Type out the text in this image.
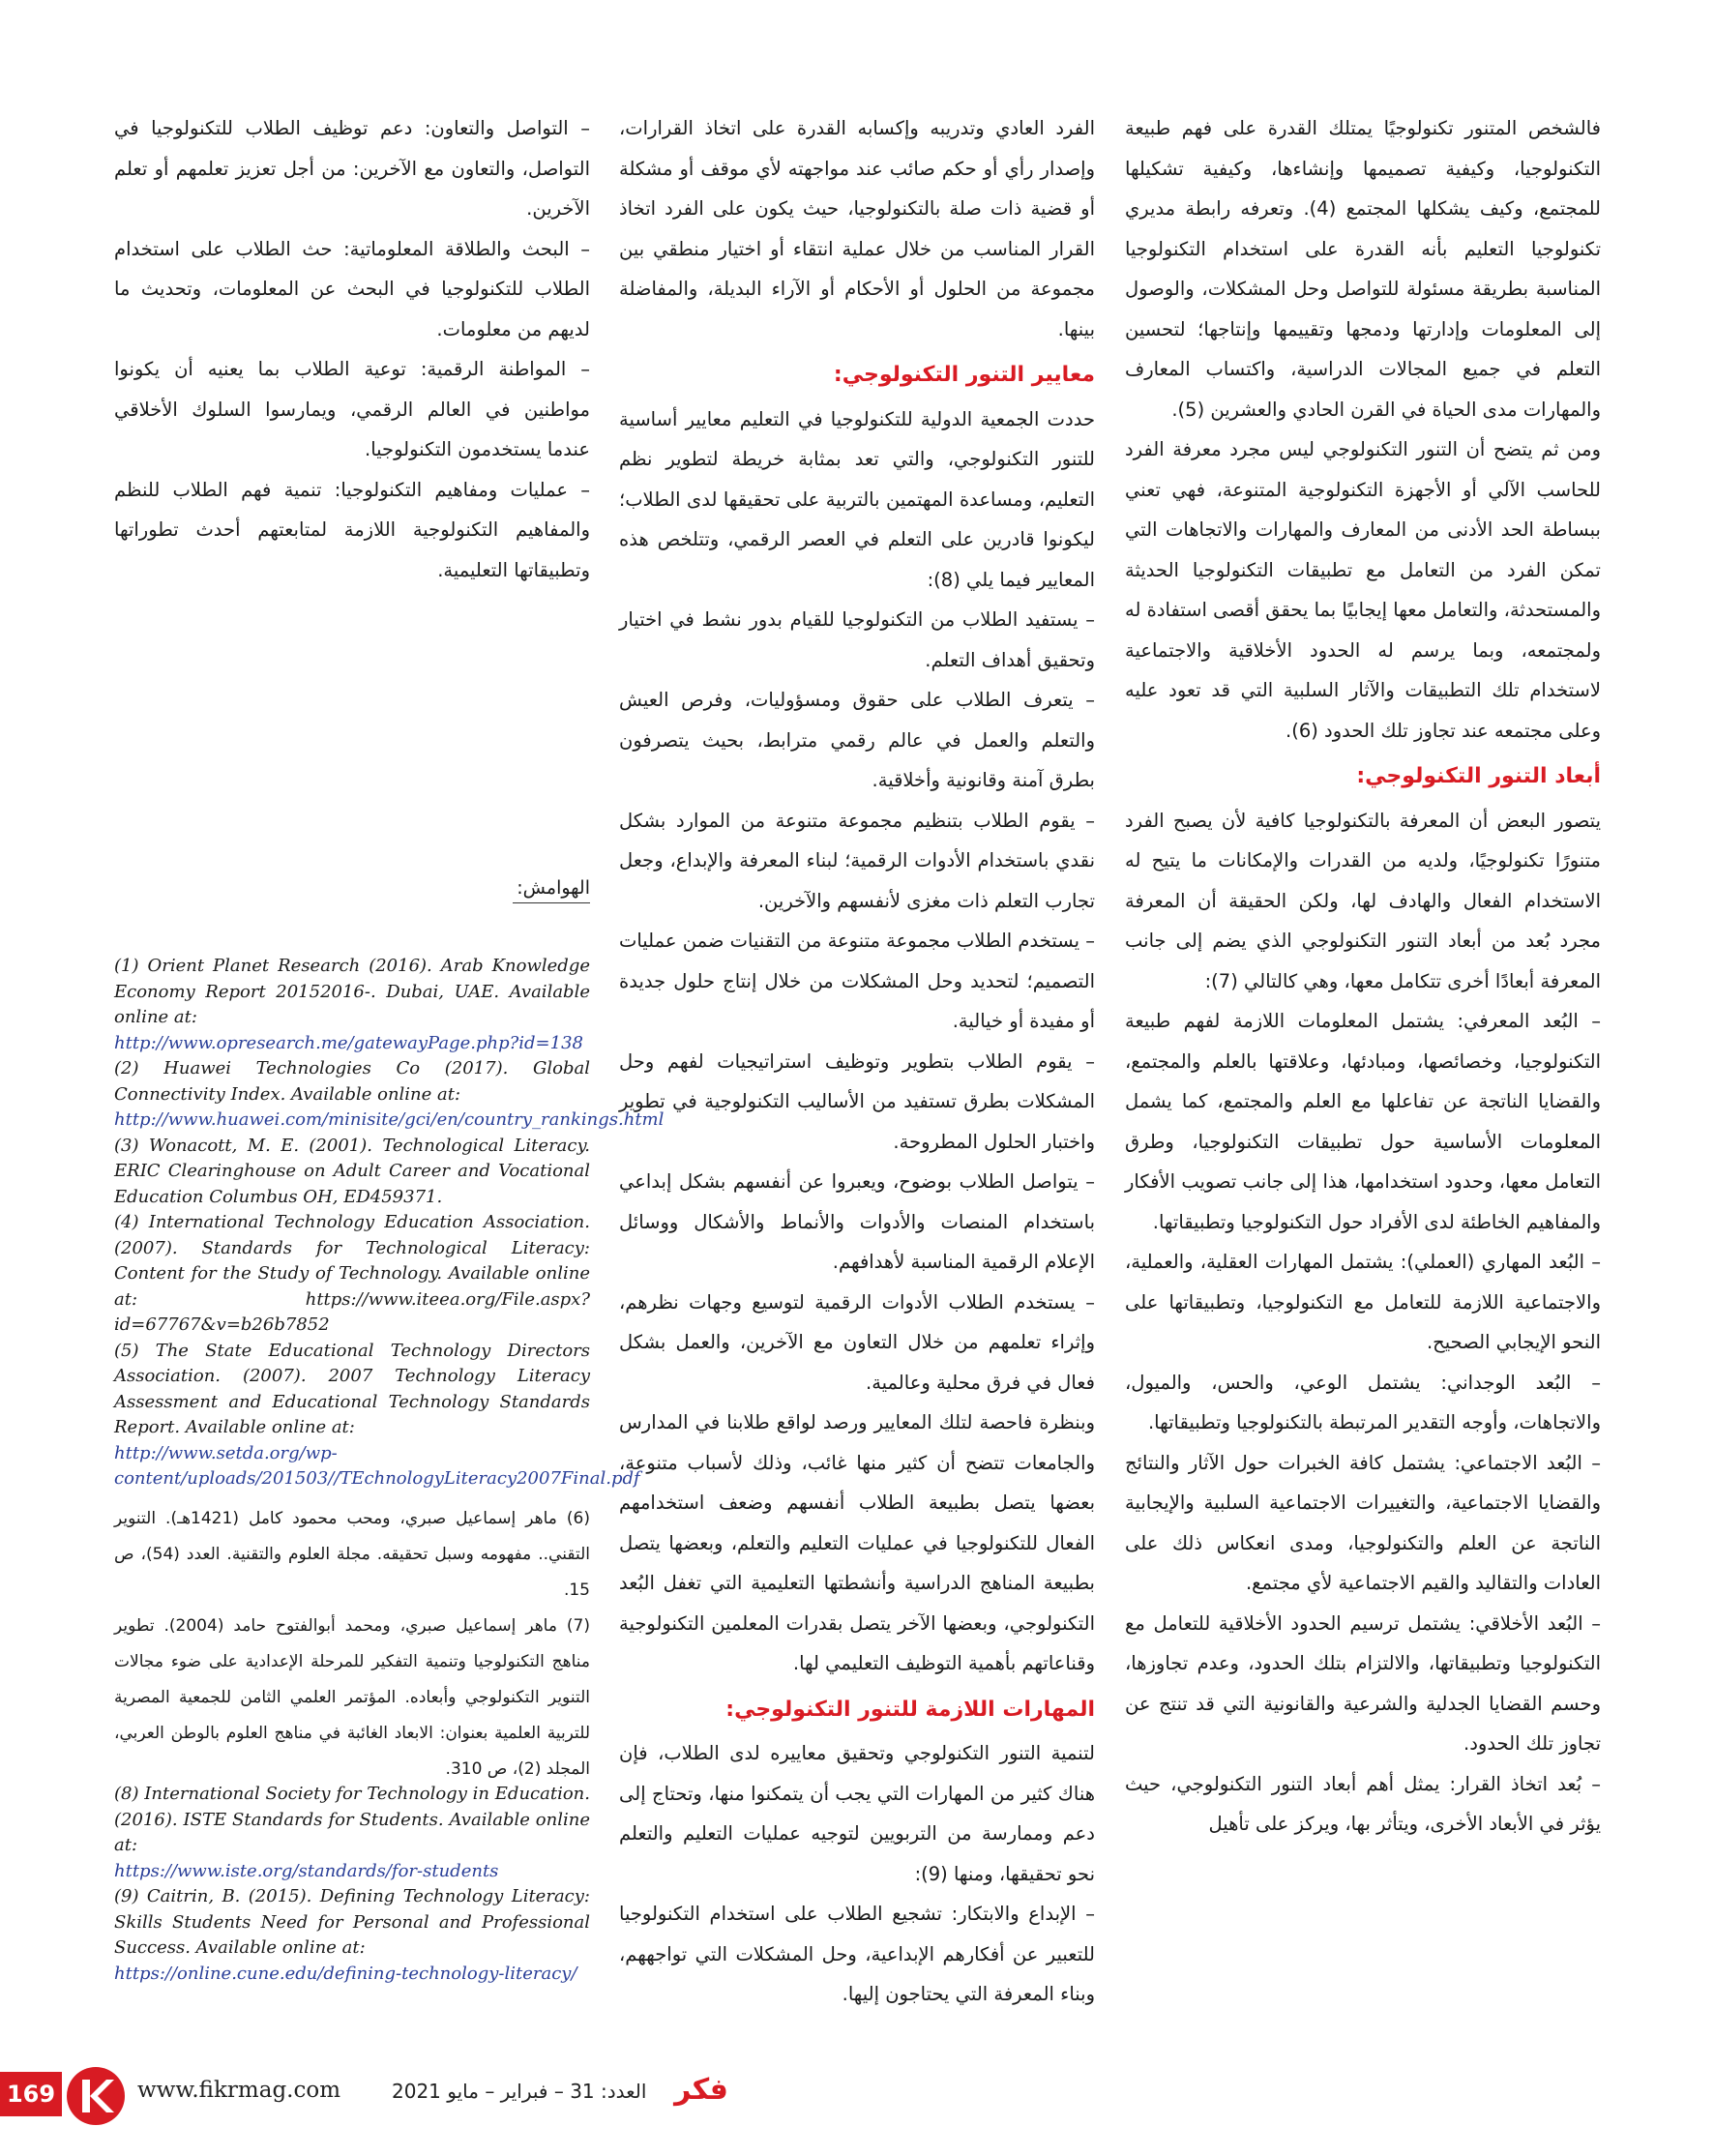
فالشخص المتنور تكنولوجيًا يمتلك القدرة على فهم طبيعة التكنولوجيا، وكيفية تصميمها وإنشاءها، وكيفية تشكيلها للمجتمع، وكيف يشكلها المجتمع (4). وتعرفه رابطة مديري تكنولوجيا التعليم بأنه القدرة على استخدام التكنولوجيا المناسبة بطريقة مسئولة للتواصل وحل المشكلات، والوصول إلى المعلومات وإدارتها ودمجها وتقييمها وإنتاجها؛ لتحسين التعلم في جميع المجالات الدراسية، واكتساب المعارف والمهارات مدى الحياة في القرن الحادي والعشرين (5).

ومن ثم يتضح أن التنور التكنولوجي ليس مجرد معرفة الفرد للحاسب الآلي أو الأجهزة التكنولوجية المتنوعة، فهي تعني ببساطة الحد الأدنى من المعارف والمهارات والاتجاهات التي تمكن الفرد من التعامل مع تطبيقات التكنولوجيا الحديثة والمستحدثة، والتعامل معها إيجابيًا بما يحقق أقصى استفادة له ولمجتمعه، وبما يرسم له الحدود الأخلاقية والاجتماعية لاستخدام تلك التطبيقات والآثار السلبية التي قد تعود عليه وعلى مجتمعه عند تجاوز تلك الحدود (6).

أبعاد التنور التكنولوجي:

يتصور البعض أن المعرفة بالتكنولوجيا كافية لأن يصبح الفرد متنورًا تكنولوجيًا، ولديه من القدرات والإمكانات ما يتيح له الاستخدام الفعال والهادف لها، ولكن الحقيقة أن المعرفة مجرد بُعد من أبعاد التنور التكنولوجي الذي يضم إلى جانب المعرفة أبعادًا أخرى تتكامل معها، وهي كالتالي (7):

– البُعد المعرفي: يشتمل المعلومات اللازمة لفهم طبيعة التكنولوجيا، وخصائصها، ومبادئها، وعلاقتها بالعلم والمجتمع، والقضايا الناتجة عن تفاعلها مع العلم والمجتمع، كما يشمل المعلومات الأساسية حول تطبيقات التكنولوجيا، وطرق التعامل معها، وحدود استخدامها، هذا إلى جانب تصويب الأفكار والمفاهيم الخاطئة لدى الأفراد حول التكنولوجيا وتطبيقاتها.

– البُعد المهاري (العملي): يشتمل المهارات العقلية، والعملية، والاجتماعية اللازمة للتعامل مع التكنولوجيا، وتطبيقاتها على النحو الإيجابي الصحيح.

– البُعد الوجداني: يشتمل الوعي، والحس، والميول، والاتجاهات، وأوجه التقدير المرتبطة بالتكنولوجيا وتطبيقاتها.

– البُعد الاجتماعي: يشتمل كافة الخبرات حول الآثار والنتائج والقضايا الاجتماعية، والتغييرات الاجتماعية السلبية والإيجابية الناتجة عن العلم والتكنولوجيا، ومدى انعكاس ذلك على العادات والتقاليد والقيم الاجتماعية لأي مجتمع.

– البُعد الأخلاقي: يشتمل ترسيم الحدود الأخلاقية للتعامل مع التكنولوجيا وتطبيقاتها، والالتزام بتلك الحدود، وعدم تجاوزها، وحسم القضايا الجدلية والشرعية والقانونية التي قد تنتج عن تجاوز تلك الحدود.

– بُعد اتخاذ القرار: يمثل أهم أبعاد التنور التكنولوجي، حيث يؤثر في الأبعاد الأخرى، ويتأثر بها، ويركز على تأهيل

الفرد العادي وتدريبه وإكسابه القدرة على اتخاذ القرارات، وإصدار رأي أو حكم صائب عند مواجهته لأي موقف أو مشكلة أو قضية ذات صلة بالتكنولوجيا، حيث يكون على الفرد اتخاذ القرار المناسب من خلال عملية انتقاء أو اختيار منطقي بين مجموعة من الحلول أو الأحكام أو الآراء البديلة، والمفاضلة بينها.

معايير التنور التكنولوجي:

حددت الجمعية الدولية للتكنولوجيا في التعليم معايير أساسية للتنور التكنولوجي، والتي تعد بمثابة خريطة لتطوير نظم التعليم، ومساعدة المهتمين بالتربية على تحقيقها لدى الطلاب؛ ليكونوا قادرين على التعلم في العصر الرقمي، وتتلخص هذه المعايير فيما يلي (8):

– يستفيد الطلاب من التكنولوجيا للقيام بدور نشط في اختيار وتحقيق أهداف التعلم.

– يتعرف الطلاب على حقوق ومسؤوليات، وفرص العيش والتعلم والعمل في عالم رقمي مترابط، بحيث يتصرفون بطرق آمنة وقانونية وأخلاقية.

– يقوم الطلاب بتنظيم مجموعة متنوعة من الموارد بشكل نقدي باستخدام الأدوات الرقمية؛ لبناء المعرفة والإبداع، وجعل تجارب التعلم ذات مغزى لأنفسهم والآخرين.

– يستخدم الطلاب مجموعة متنوعة من التقنيات ضمن عمليات التصميم؛ لتحديد وحل المشكلات من خلال إنتاج حلول جديدة أو مفيدة أو خيالية.

– يقوم الطلاب بتطوير وتوظيف استراتيجيات لفهم وحل المشكلات بطرق تستفيد من الأساليب التكنولوجية في تطوير واختبار الحلول المطروحة.

– يتواصل الطلاب بوضوح، ويعبروا عن أنفسهم بشكل إبداعي باستخدام المنصات والأدوات والأنماط والأشكال ووسائل الإعلام الرقمية المناسبة لأهدافهم.

– يستخدم الطلاب الأدوات الرقمية لتوسيع وجهات نظرهم، وإثراء تعلمهم من خلال التعاون مع الآخرين، والعمل بشكل فعال في فرق محلية وعالمية.

وبنظرة فاحصة لتلك المعايير ورصد لواقع طلابنا في المدارس والجامعات تتضح أن كثير منها غائب، وذلك لأسباب متنوعة، بعضها يتصل بطبيعة الطلاب أنفسهم وضعف استخدامهم الفعال للتكنولوجيا في عمليات التعليم والتعلم، وبعضها يتصل بطبيعة المناهج الدراسية وأنشطتها التعليمية التي تغفل البُعد التكنولوجي، وبعضها الآخر يتصل بقدرات المعلمين التكنولوجية وقناعاتهم بأهمية التوظيف التعليمي لها.

المهارات اللازمة للتنور التكنولوجي:

لتنمية التنور التكنولوجي وتحقيق معاييره لدى الطلاب، فإن هناك كثير من المهارات التي يجب أن يتمكنوا منها، وتحتاج إلى دعم وممارسة من التربويين لتوجيه عمليات التعليم والتعلم نحو تحقيقها، ومنها (9):

– الإبداع والابتكار: تشجيع الطلاب على استخدام التكنولوجيا للتعبير عن أفكارهم الإبداعية، وحل المشكلات التي تواجههم، وبناء المعرفة التي يحتاجون إليها.

– التواصل والتعاون: دعم توظيف الطلاب للتكنولوجيا في التواصل، والتعاون مع الآخرين: من أجل تعزيز تعلمهم أو تعلم الآخرين.

– البحث والطلاقة المعلوماتية: حث الطلاب على استخدام الطلاب للتكنولوجيا في البحث عن المعلومات، وتحديث ما لديهم من معلومات.

– المواطنة الرقمية: توعية الطلاب بما يعنيه أن يكونوا مواطنين في العالم الرقمي، ويمارسوا السلوك الأخلاقي عندما يستخدمون التكنولوجيا.

– عمليات ومفاهيم التكنولوجيا: تنمية فهم الطلاب للنظم والمفاهيم التكنولوجية اللازمة لمتابعتهم أحدث تطوراتها وتطبيقاتها التعليمية.

الهوامش:

(1) Orient Planet Research (2016). Arab Knowledge Economy Report 20152016-. Dubai, UAE. Available online at:

http://www.opresearch.me/gatewayPage.php?id=138

(2) Huawei Technologies Co (2017). Global Connectivity Index. Available online at:

http://www.huawei.com/minisite/gci/en/country_rankings.html

(3) Wonacott, M. E. (2001). Technological Literacy. ERIC Clearinghouse on Adult Career and Vocational Education Columbus OH, ED459371.

(4) International Technology Education Association. (2007). Standards for Technological Literacy: Content for the Study of Technology. Available online at: https://www.iteea.org/File.aspx?id=67767&v=b26b7852

(5) The State Educational Technology Directors Association. (2007). 2007 Technology Literacy Assessment and Educational Technology Standards Report. Available online at:

http://www.setda.org/wp-content/uploads/201503//TEchnologyLiteracy2007Final.pdf

(6) ماهر إسماعيل صبري، ومحب محمود كامل (1421هـ). التنوير التقني.. مفهومه وسبل تحقيقه. مجلة العلوم والتقنية. العدد (54)، ص 15.

(7) ماهر إسماعيل صبري، ومحمد أبوالفتوح حامد (2004). تطوير مناهج التكنولوجيا وتنمية التفكير للمرحلة الإعدادية على ضوء مجالات التنوير التكنولوجي وأبعاده. المؤتمر العلمي الثامن للجمعية المصرية للتربية العلمية بعنوان: الابعاد الغائبة في مناهج العلوم بالوطن العربي، المجلد (2)، ص 310.

(8) International Society for Technology in Education. (2016). ISTE Standards for Students. Available online at:

https://www.iste.org/standards/for-students

(9) Caitrin, B. (2015). Defining Technology Literacy: Skills Students Need for Personal and Professional Success. Available online at:

https://online.cune.edu/defining-technology-literacy/

169	www.fikrmag.com	العدد: 31 – فبراير – مايو 2021 فكر
